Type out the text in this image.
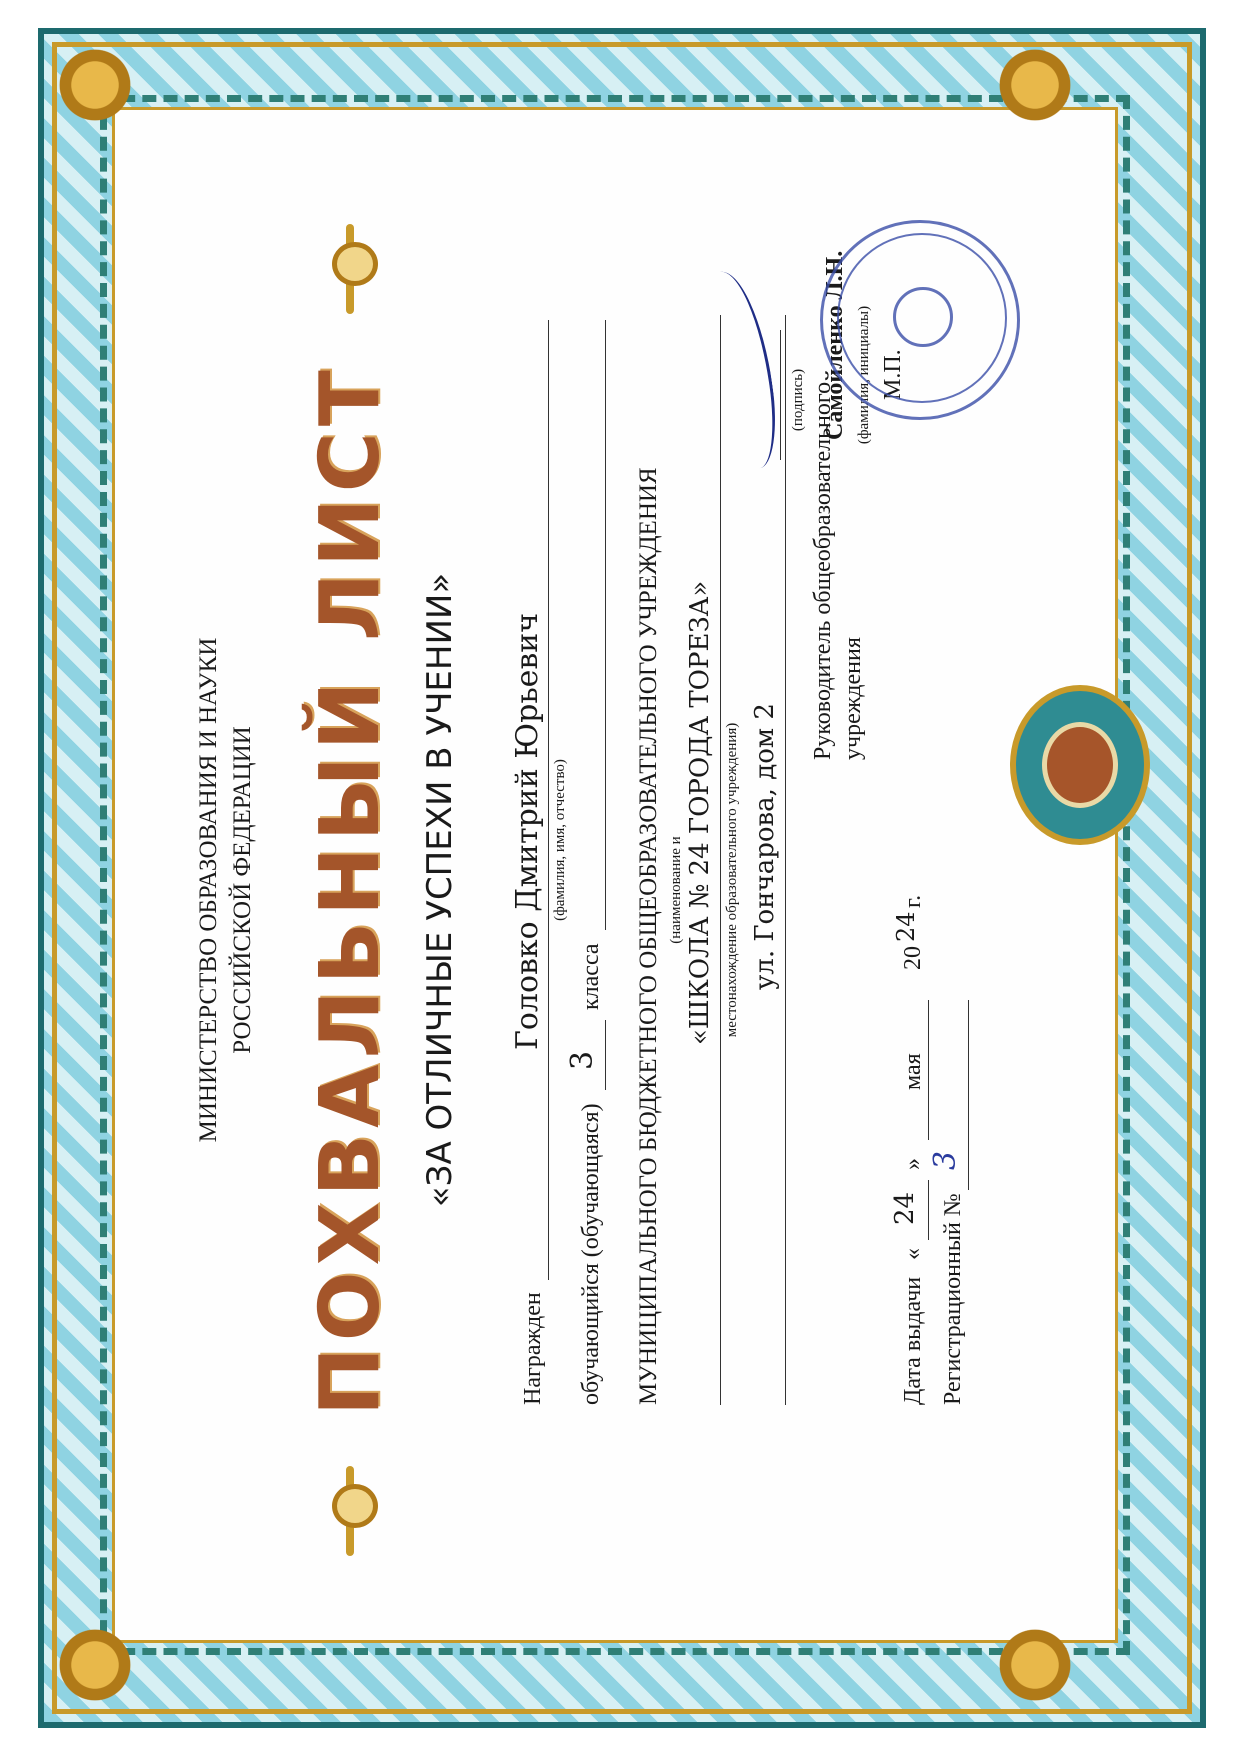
МИНИСТЕРСТВО ОБРАЗОВАНИЯ И НАУКИ РОССИЙСКОЙ ФЕДЕРАЦИИ ПОХВАЛЬНЫЙ ЛИСТ «ЗА ОТЛИЧНЫЕ УСПЕХИ В УЧЕНИИ»
Награжден
Головко Дмитрий Юрьевич (фамилия, имя, отчество)
обучающийся (обучающаяся)
3
класса МУНИЦИПАЛЬНОГО БЮДЖЕТНОГО ОБЩЕОБРАЗОВАТЕЛЬНОГО УЧРЕЖДЕНИЯ (наименование и «ШКОЛА № 24 ГОРОДА ТОРЕЗА» местонахождение образовательного учреждения) ул. Гончарова, дом 2
Руководитель общеобразовательного учреждения
(подпись) Самойленко Л.Н. (фамилия, инициалы) М.П.
Дата выдачи
«
24
»
мая
20
24
г.
Регистрационный №
3
